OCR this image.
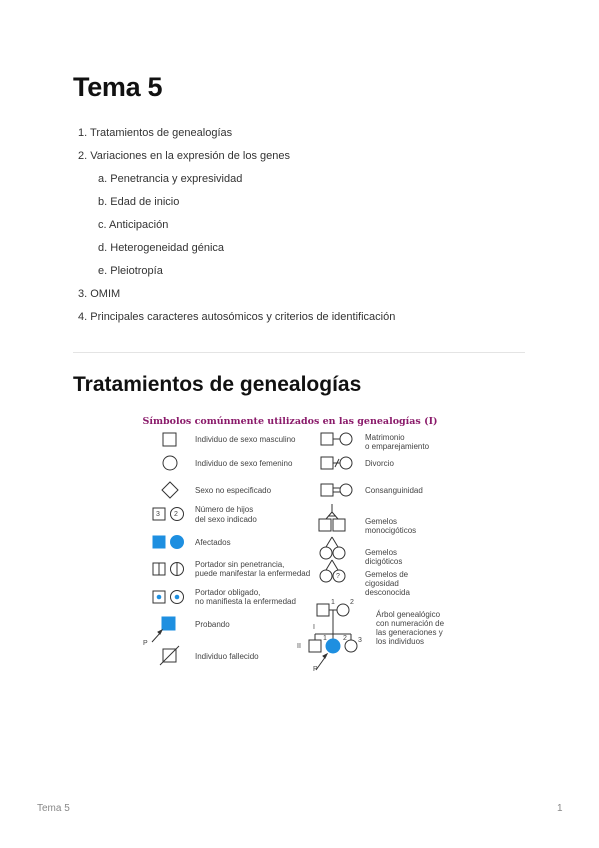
Tema 5
1. Tratamientos de genealogías
2. Variaciones en la expresión de los genes
a. Penetrancia y expresividad
b. Edad de inicio
c. Anticipación
d. Heterogeneidad génica
e. Pleiotropía
3. OMIM
4. Principales caracteres autosómicos y criterios de identificación
Tratamientos de genealogías
Símbolos comúnmente utilizados en las genealogías (I)
3 2
?
P
P
I
II
1 2
1 2 3
Individuo de sexo masculino
Individuo de sexo femenino
Sexo no especificado
Número de hijos
del sexo indicado
Afectados
Portador sin penetrancia,
puede manifestar la enfermedad
Portador obligado,
no manifiesta la enfermedad
Probando
Individuo fallecido
Matrimonio
o emparejamiento
Divorcio
Consanguinidad
Gemelos
monocigóticos
Gemelos
dicigóticos
Gemelos de
cigosidad
desconocida
Árbol genealógico
con numeración de
las generaciones y
los individuos
Tema 5	1
